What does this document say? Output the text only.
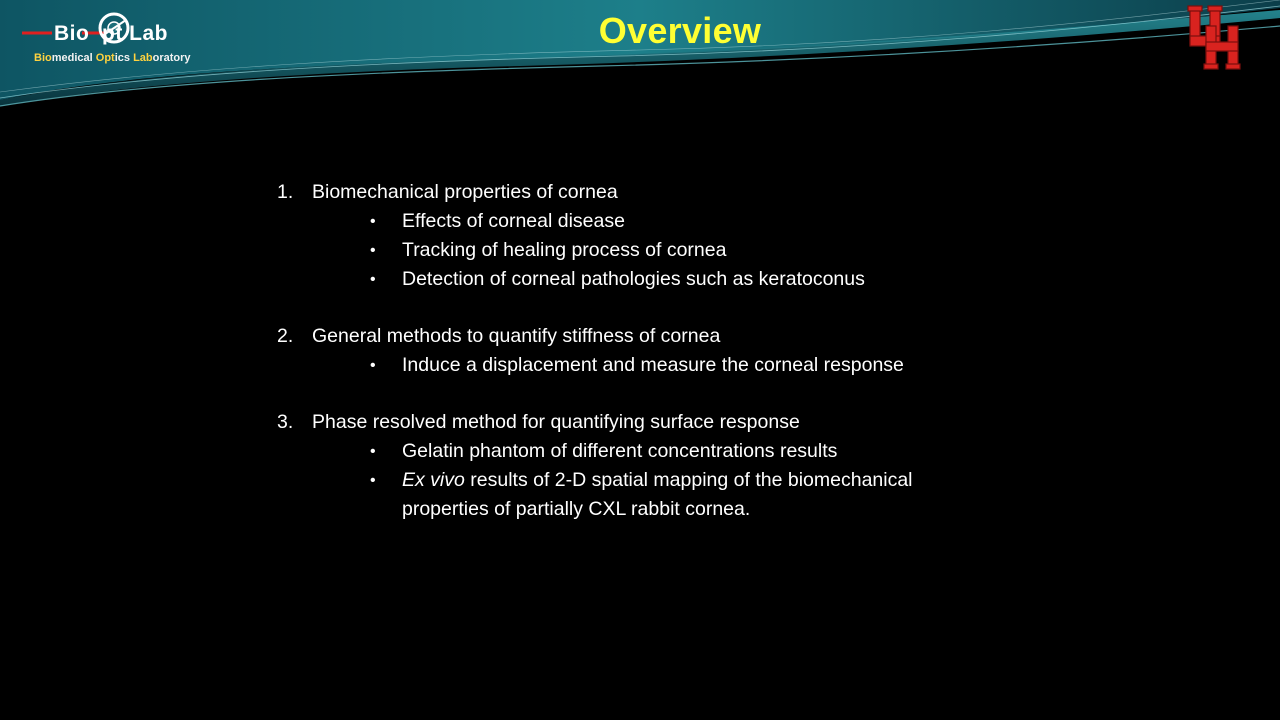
Bio  pt Lab
Biomedical Optics Laboratory
Overview
1. Biomechanical properties of cornea
• Effects of corneal disease
• Tracking of healing process of cornea
• Detection of corneal pathologies such as keratoconus
2. General methods to quantify stiffness of cornea
• Induce a displacement and measure the corneal response
3. Phase resolved method for quantifying surface response
• Gelatin phantom of different concentrations results
• Ex vivo results of 2-D spatial mapping of the biomechanical
properties of partially CXL rabbit cornea.
